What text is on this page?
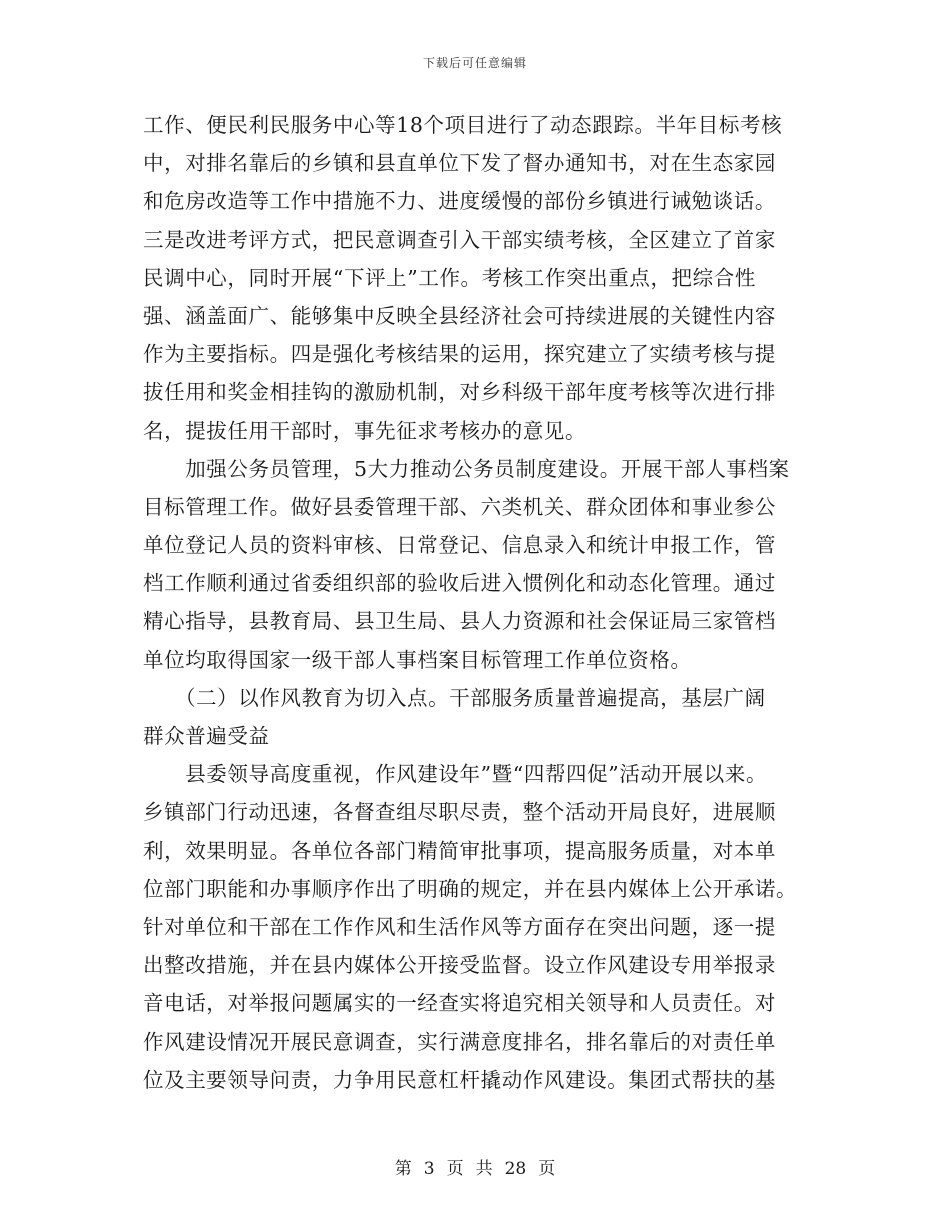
下载后可任意编辑
工作、便民利民服务中心等18个项目进行了动态跟踪。半年目标考核
中，对排名靠后的乡镇和县直单位下发了督办通知书，对在生态家园
和危房改造等工作中措施不力、进度缓慢的部份乡镇进行诫勉谈话。
三是改进考评方式，把民意调查引入干部实绩考核，全区建立了首家
民调中心，同时开展“下评上”工作。考核工作突出重点，把综合性
强、涵盖面广、能够集中反映全县经济社会可持续进展的关键性内容
作为主要指标。四是强化考核结果的运用，探究建立了实绩考核与提
拔任用和奖金相挂钩的激励机制，对乡科级干部年度考核等次进行排
名，提拔任用干部时，事先征求考核办的意见。
　　加强公务员管理，5大力推动公务员制度建设。开展干部人事档案
目标管理工作。做好县委管理干部、六类机关、群众团体和事业参公
单位登记人员的资料审核、日常登记、信息录入和统计申报工作，管
档工作顺利通过省委组织部的验收后进入惯例化和动态化管理。通过
精心指导，县教育局、县卫生局、县人力资源和社会保证局三家管档
单位均取得国家一级干部人事档案目标管理工作单位资格。
　　（二）以作风教育为切入点。干部服务质量普遍提高，基层广阔
群众普遍受益
　　县委领导高度重视，作风建设年”暨“四帮四促”活动开展以来。
乡镇部门行动迅速，各督查组尽职尽责，整个活动开局良好，进展顺
利，效果明显。各单位各部门精简审批事项，提高服务质量，对本单
位部门职能和办事顺序作出了明确的规定，并在县内媒体上公开承诺。
针对单位和干部在工作作风和生活作风等方面存在突出问题，逐一提
出整改措施，并在县内媒体公开接受监督。设立作风建设专用举报录
音电话，对举报问题属实的一经查实将追究相关领导和人员责任。对
作风建设情况开展民意调查，实行满意度排名，排名靠后的对责任单
位及主要领导问责，力争用民意杠杆撬动作风建设。集团式帮扶的基
第 3 页 共 28 页
